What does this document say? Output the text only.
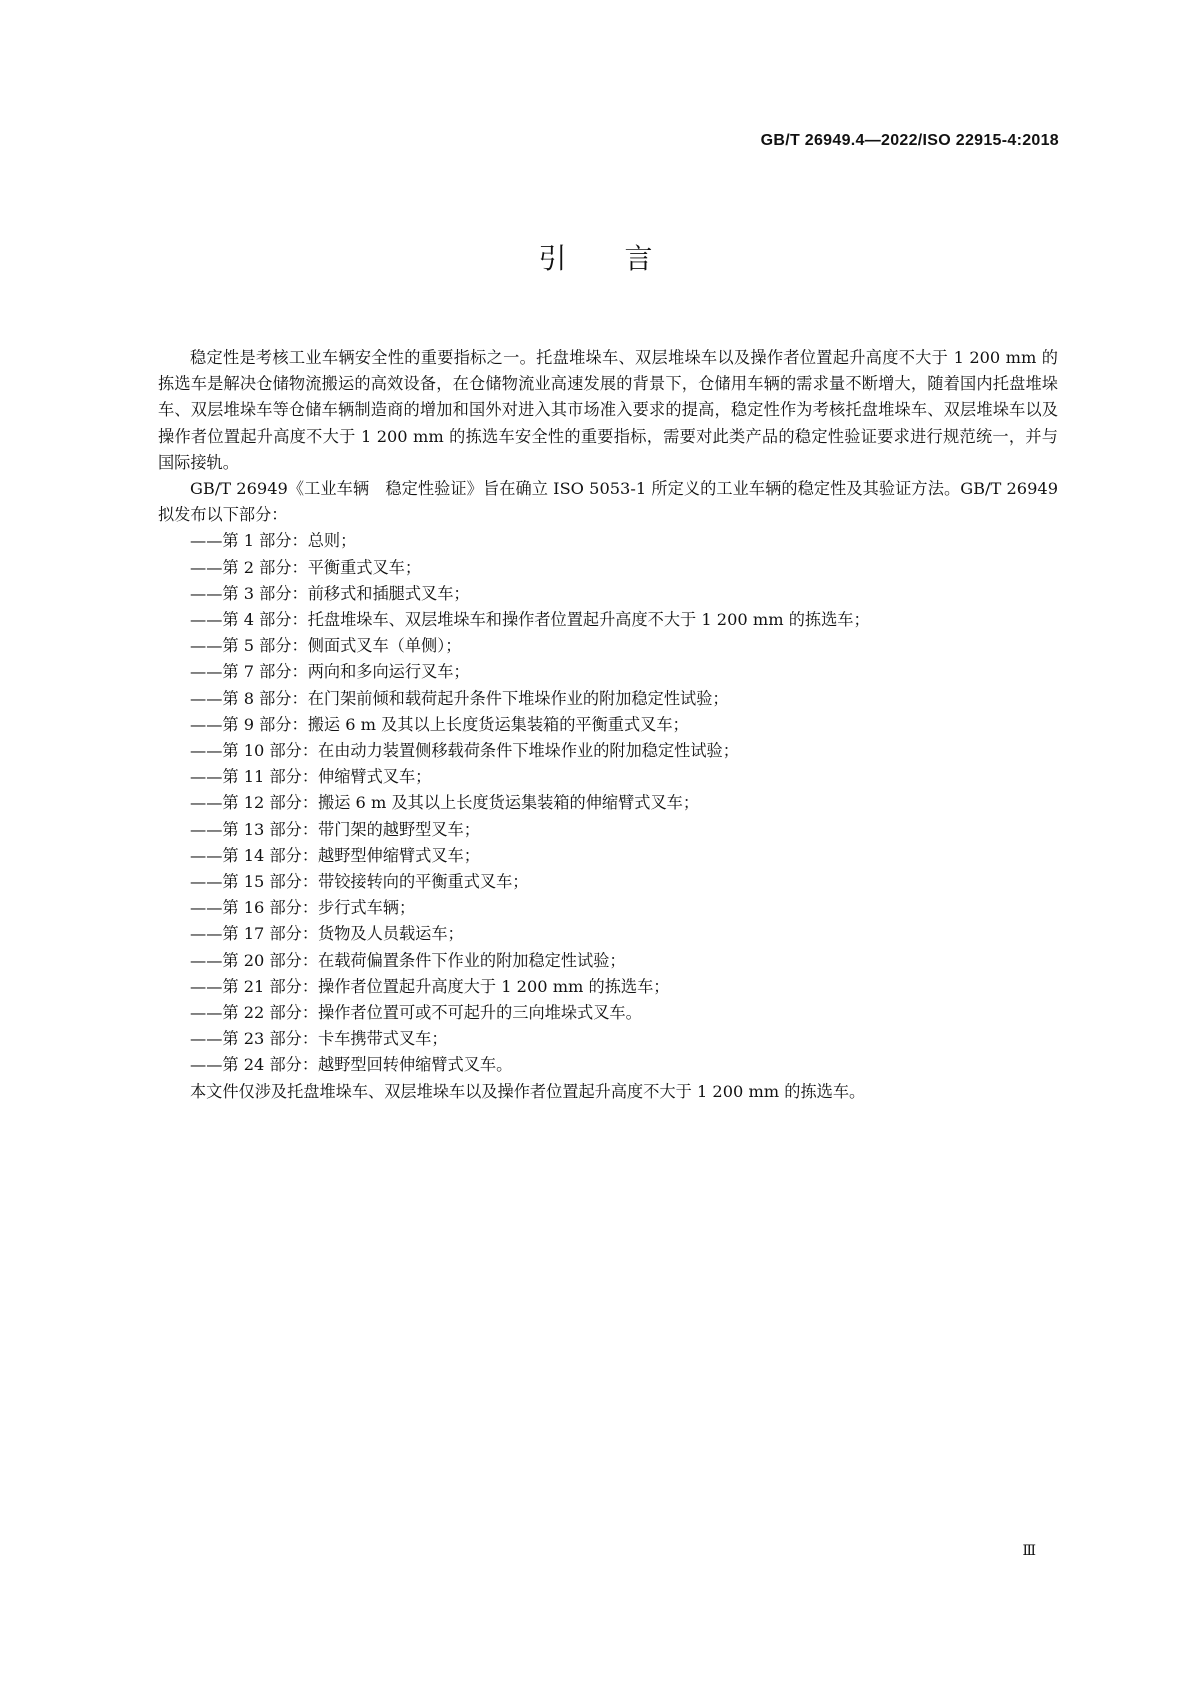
GB/T 26949.4—2022/ISO 22915-4:2018
引言

稳定性是考核工业车辆安全性的重要指标之一。托盘堆垛车、双层堆垛车以及操作者位置起升高度不大于 1 200 mm 的拣选车是解决仓储物流搬运的高效设备，在仓储物流业高速发展的背景下，仓储用车辆的需求量不断增大，随着国内托盘堆垛车、双层堆垛车等仓储车辆制造商的增加和国外对进入其市场准入要求的提高，稳定性作为考核托盘堆垛车、双层堆垛车以及操作者位置起升高度不大于 1 200 mm 的拣选车安全性的重要指标，需要对此类产品的稳定性验证要求进行规范统一，并与国际接轨。

GB/T 26949《工业车辆　稳定性验证》旨在确立 ISO 5053-1 所定义的工业车辆的稳定性及其验证方法。GB/T 26949 拟发布以下部分：

——第 1 部分：总则；
——第 2 部分：平衡重式叉车；
——第 3 部分：前移式和插腿式叉车；
——第 4 部分：托盘堆垛车、双层堆垛车和操作者位置起升高度不大于 1 200 mm 的拣选车；
——第 5 部分：侧面式叉车（单侧）；
——第 7 部分：两向和多向运行叉车；
——第 8 部分：在门架前倾和载荷起升条件下堆垛作业的附加稳定性试验；
——第 9 部分：搬运 6 m 及其以上长度货运集装箱的平衡重式叉车；
——第 10 部分：在由动力装置侧移载荷条件下堆垛作业的附加稳定性试验；
——第 11 部分：伸缩臂式叉车；
——第 12 部分：搬运 6 m 及其以上长度货运集装箱的伸缩臂式叉车；
——第 13 部分：带门架的越野型叉车；
——第 14 部分：越野型伸缩臂式叉车；
——第 15 部分：带铰接转向的平衡重式叉车；
——第 16 部分：步行式车辆；
——第 17 部分：货物及人员载运车；
——第 20 部分：在载荷偏置条件下作业的附加稳定性试验；
——第 21 部分：操作者位置起升高度大于 1 200 mm 的拣选车；
——第 22 部分：操作者位置可或不可起升的三向堆垛式叉车。
——第 23 部分：卡车携带式叉车；
——第 24 部分：越野型回转伸缩臂式叉车。

本文件仅涉及托盘堆垛车、双层堆垛车以及操作者位置起升高度不大于 1 200 mm 的拣选车。

Ⅲ
